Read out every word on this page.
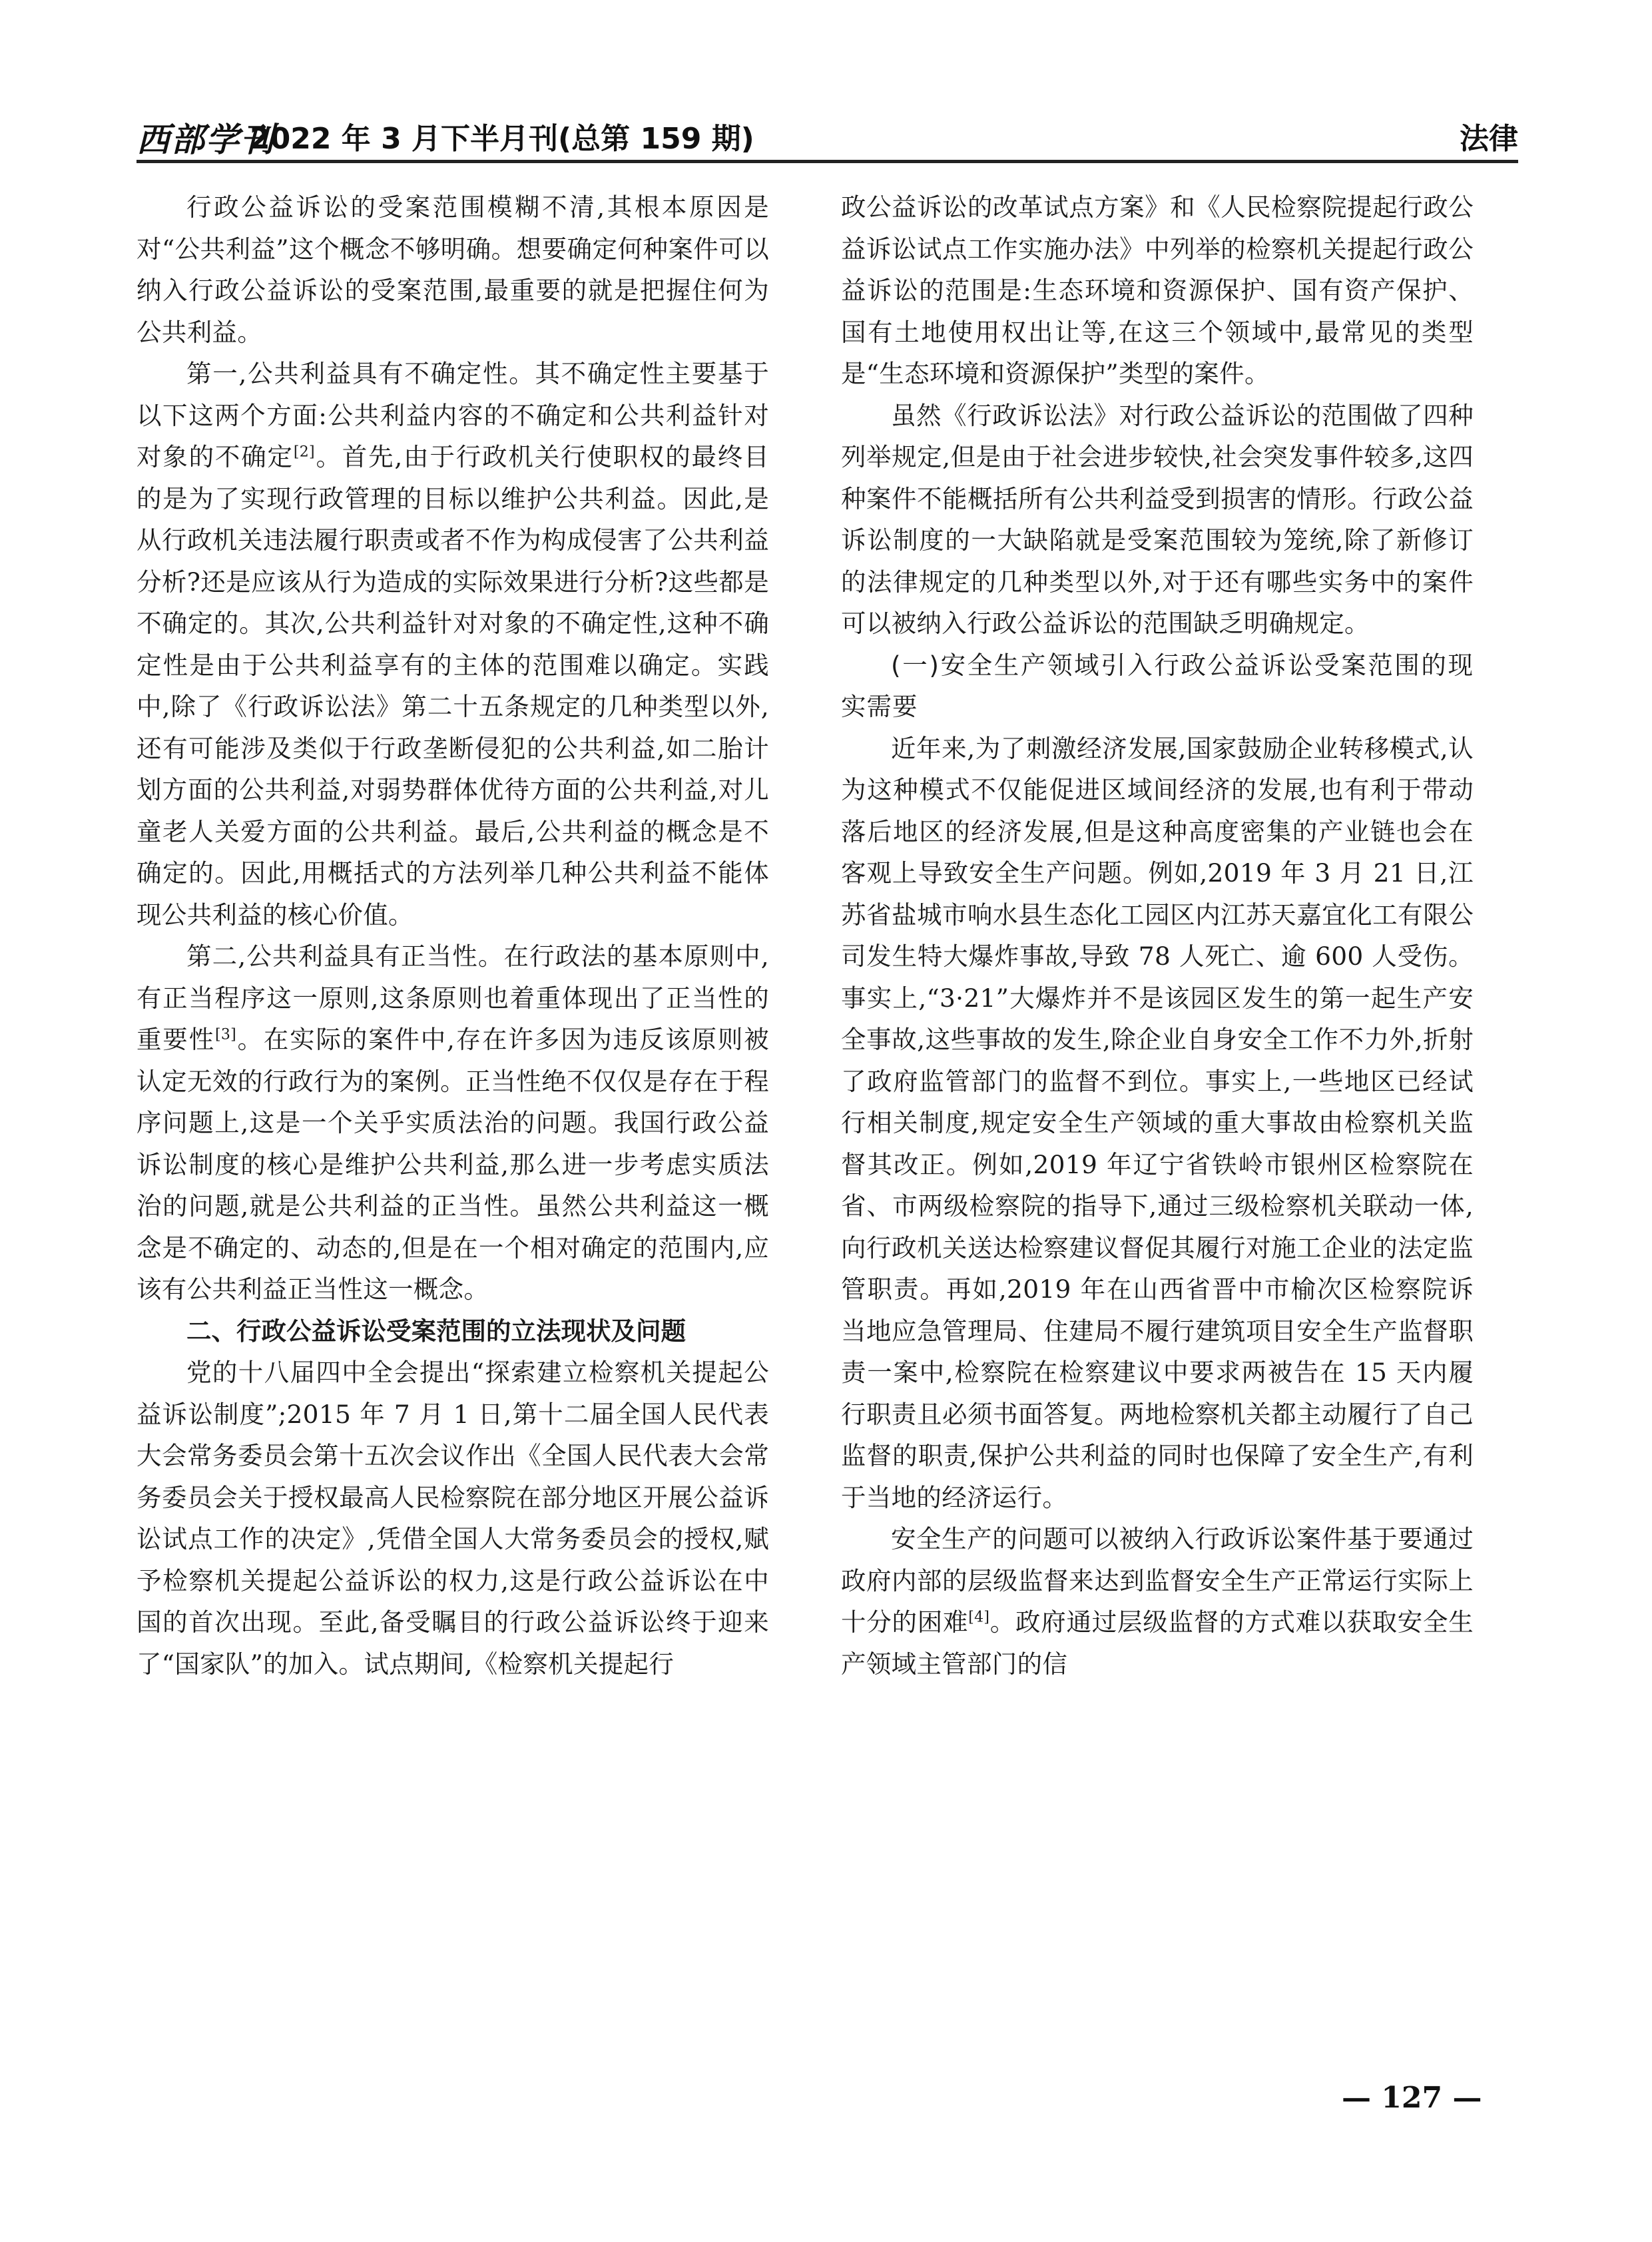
西部学刊
2022 年 3 月下半月刊(总第 159 期)	法律

行政公益诉讼的受案范围模糊不清,其根本原因是对“公共利益”这个概念不够明确。想要确定何种案件可以纳入行政公益诉讼的受案范围,最重要的就是把握住何为公共利益。

第一,公共利益具有不确定性。其不确定性主要基于以下这两个方面:公共利益内容的不确定和公共利益针对对象的不确定[2]。首先,由于行政机关行使职权的最终目的是为了实现行政管理的目标以维护公共利益。因此,是从行政机关违法履行职责或者不作为构成侵害了公共利益分析?还是应该从行为造成的实际效果进行分析?这些都是不确定的。其次,公共利益针对对象的不确定性,这种不确定性是由于公共利益享有的主体的范围难以确定。实践中,除了《行政诉讼法》第二十五条规定的几种类型以外,还有可能涉及类似于行政垄断侵犯的公共利益,如二胎计划方面的公共利益,对弱势群体优待方面的公共利益,对儿童老人关爱方面的公共利益。最后,公共利益的概念是不确定的。因此,用概括式的方法列举几种公共利益不能体现公共利益的核心价值。

第二,公共利益具有正当性。在行政法的基本原则中,有正当程序这一原则,这条原则也着重体现出了正当性的重要性[3]。在实际的案件中,存在许多因为违反该原则被认定无效的行政行为的案例。正当性绝不仅仅是存在于程序问题上,这是一个关乎实质法治的问题。我国行政公益诉讼制度的核心是维护公共利益,那么进一步考虑实质法治的问题,就是公共利益的正当性。虽然公共利益这一概念是不确定的、动态的,但是在一个相对确定的范围内,应该有公共利益正当性这一概念。

二、行政公益诉讼受案范围的立法现状及问题

党的十八届四中全会提出“探索建立检察机关提起公益诉讼制度”;2015 年 7 月 1 日,第十二届全国人民代表大会常务委员会第十五次会议作出《全国人民代表大会常务委员会关于授权最高人民检察院在部分地区开展公益诉讼试点工作的决定》,凭借全国人大常务委员会的授权,赋予检察机关提起公益诉讼的权力,这是行政公益诉讼在中国的首次出现。至此,备受瞩目的行政公益诉讼终于迎来了“国家队”的加入。试点期间,《检察机关提起行

政公益诉讼的改革试点方案》和《人民检察院提起行政公益诉讼试点工作实施办法》中列举的检察机关提起行政公益诉讼的范围是:生态环境和资源保护、国有资产保护、国有土地使用权出让等,在这三个领域中,最常见的类型是“生态环境和资源保护”类型的案件。

虽然《行政诉讼法》对行政公益诉讼的范围做了四种列举规定,但是由于社会进步较快,社会突发事件较多,这四种案件不能概括所有公共利益受到损害的情形。行政公益诉讼制度的一大缺陷就是受案范围较为笼统,除了新修订的法律规定的几种类型以外,对于还有哪些实务中的案件可以被纳入行政公益诉讼的范围缺乏明确规定。

(一)安全生产领域引入行政公益诉讼受案范围的现实需要

近年来,为了刺激经济发展,国家鼓励企业转移模式,认为这种模式不仅能促进区域间经济的发展,也有利于带动落后地区的经济发展,但是这种高度密集的产业链也会在客观上导致安全生产问题。例如,2019 年 3 月 21 日,江苏省盐城市响水县生态化工园区内江苏天嘉宜化工有限公司发生特大爆炸事故,导致 78 人死亡、逾 600 人受伤。事实上,“3·21”大爆炸并不是该园区发生的第一起生产安全事故,这些事故的发生,除企业自身安全工作不力外,折射了政府监管部门的监督不到位。事实上,一些地区已经试行相关制度,规定安全生产领域的重大事故由检察机关监督其改正。例如,2019 年辽宁省铁岭市银州区检察院在省、市两级检察院的指导下,通过三级检察机关联动一体,向行政机关送达检察建议督促其履行对施工企业的法定监管职责。再如,2019 年在山西省晋中市榆次区检察院诉当地应急管理局、住建局不履行建筑项目安全生产监督职责一案中,检察院在检察建议中要求两被告在 15 天内履行职责且必须书面答复。两地检察机关都主动履行了自己监督的职责,保护公共利益的同时也保障了安全生产,有利于当地的经济运行。

安全生产的问题可以被纳入行政诉讼案件基于要通过政府内部的层级监督来达到监督安全生产正常运行实际上十分的困难[4]。政府通过层级监督的方式难以获取安全生产领域主管部门的信

— 127 —
